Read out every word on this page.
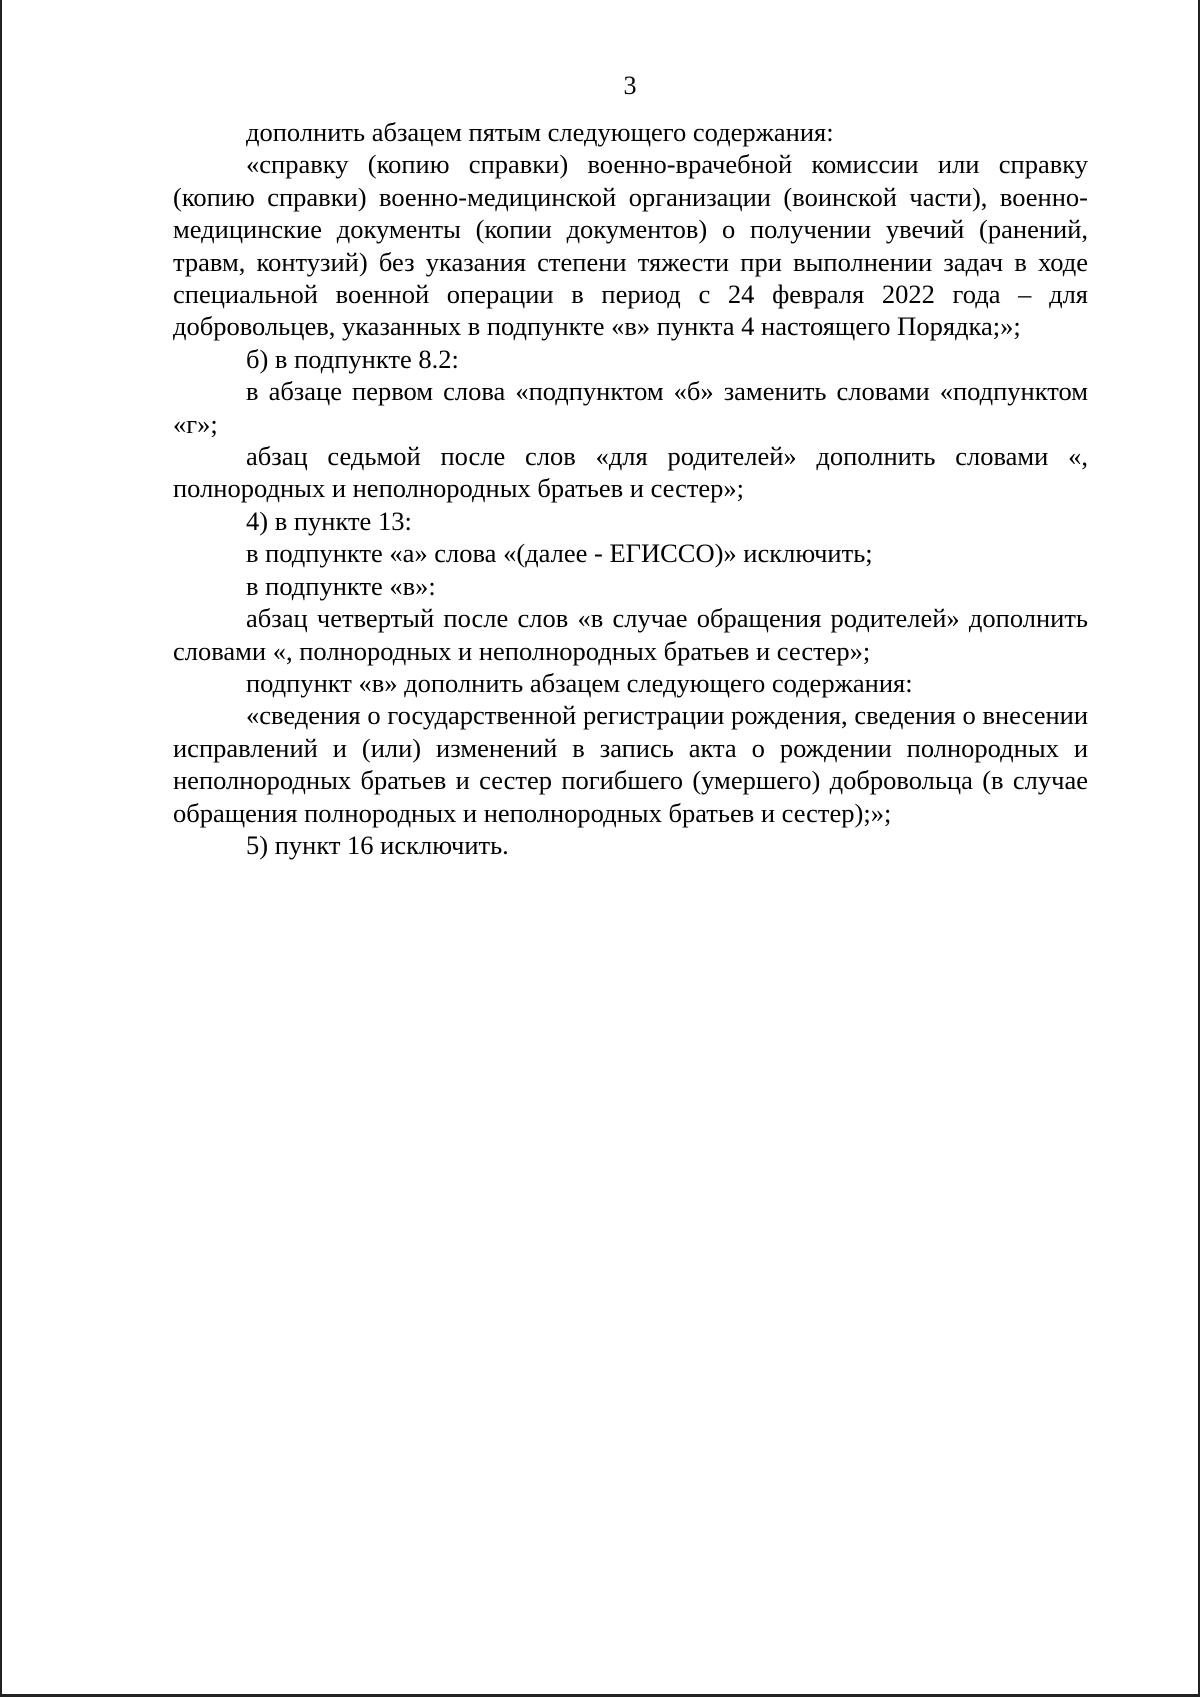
3

дополнить абзацем пятым следующего содержания:

«справку (копию справки) военно-врачебной комиссии или справку (копию справки) военно-медицинской организации (воинской части), военно-медицинские документы (копии документов) о получении увечий (ранений, травм, контузий) без указания степени тяжести при выполнении задач в ходе специальной военной операции в период с 24 февраля 2022 года – для добровольцев, указанных в подпункте «в» пункта 4 настоящего Порядка;»;

б) в подпункте 8.2:

в абзаце первом слова «подпунктом «б» заменить словами «подпунктом «г»;

абзац седьмой после слов «для родителей» дополнить словами «, полнородных и неполнородных братьев и сестер»;

4) в пункте 13:

в подпункте «а» слова «(далее - ЕГИССО)» исключить;

в подпункте «в»:

абзац четвертый после слов «в случае обращения родителей» дополнить словами «, полнородных и неполнородных братьев и сестер»;

подпункт «в» дополнить абзацем следующего содержания:

«сведения о государственной регистрации рождения, сведения о внесении исправлений и (или) изменений в запись акта о рождении полнородных и неполнородных братьев и сестер погибшего (умершего) добровольца (в случае обращения полнородных и неполнородных братьев и сестер);»;

5) пункт 16 исключить.
